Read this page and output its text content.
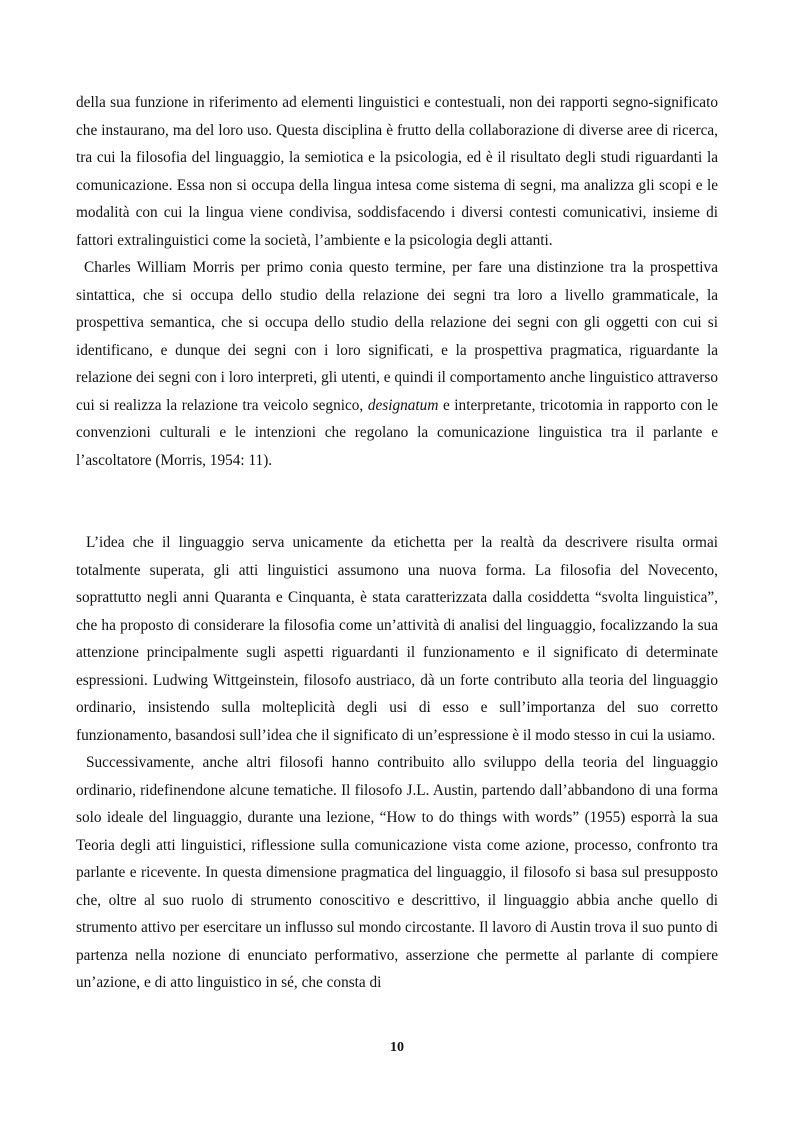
della sua funzione in riferimento ad elementi linguistici e contestuali, non dei rapporti segno-significato che instaurano, ma del loro uso. Questa disciplina è frutto della collaborazione di diverse aree di ricerca, tra cui la filosofia del linguaggio, la semiotica e la psicologia, ed è il risultato degli studi riguardanti la comunicazione. Essa non si occupa della lingua intesa come sistema di segni, ma analizza gli scopi e le modalità con cui la lingua viene condivisa, soddisfacendo i diversi contesti comunicativi, insieme di fattori extralinguistici come la società, l’ambiente e la psicologia degli attanti.

Charles William Morris per primo conia questo termine, per fare una distinzione tra la prospettiva sintattica, che si occupa dello studio della relazione dei segni tra loro a livello grammaticale, la prospettiva semantica, che si occupa dello studio della relazione dei segni con gli oggetti con cui si identificano, e dunque dei segni con i loro significati, e la prospettiva pragmatica, riguardante la relazione dei segni con i loro interpreti, gli utenti, e quindi il comportamento anche linguistico attraverso cui si realizza la relazione tra veicolo segnico, designatum e interpretante, tricotomia in rapporto con le convenzioni culturali e le intenzioni che regolano la comunicazione linguistica tra il parlante e l’ascoltatore (Morris, 1954: 11).

L’idea che il linguaggio serva unicamente da etichetta per la realtà da descrivere risulta ormai totalmente superata, gli atti linguistici assumono una nuova forma. La filosofia del Novecento, soprattutto negli anni Quaranta e Cinquanta, è stata caratterizzata dalla cosiddetta “svolta linguistica”, che ha proposto di considerare la filosofia come un’attività di analisi del linguaggio, focalizzando la sua attenzione principalmente sugli aspetti riguardanti il funzionamento e il significato di determinate espressioni. Ludwing Wittgeinstein, filosofo austriaco, dà un forte contributo alla teoria del linguaggio ordinario, insistendo sulla molteplicità degli usi di esso e sull’importanza del suo corretto funzionamento, basandosi sull’idea che il significato di un’espressione è il modo stesso in cui la usiamo.

Successivamente, anche altri filosofi hanno contribuito allo sviluppo della teoria del linguaggio ordinario, ridefinendone alcune tematiche. Il filosofo J.L. Austin, partendo dall’abbandono di una forma solo ideale del linguaggio, durante una lezione, “How to do things with words” (1955) esporrà la sua Teoria degli atti linguistici, riflessione sulla comunicazione vista come azione, processo, confronto tra parlante e ricevente. In questa dimensione pragmatica del linguaggio, il filosofo si basa sul presupposto che, oltre al suo ruolo di strumento conoscitivo e descrittivo, il linguaggio abbia anche quello di strumento attivo per esercitare un influsso sul mondo circostante. Il lavoro di Austin trova il suo punto di partenza nella nozione di enunciato performativo, asserzione che permette al parlante di compiere un’azione, e di atto linguistico in sé, che consta di

10
